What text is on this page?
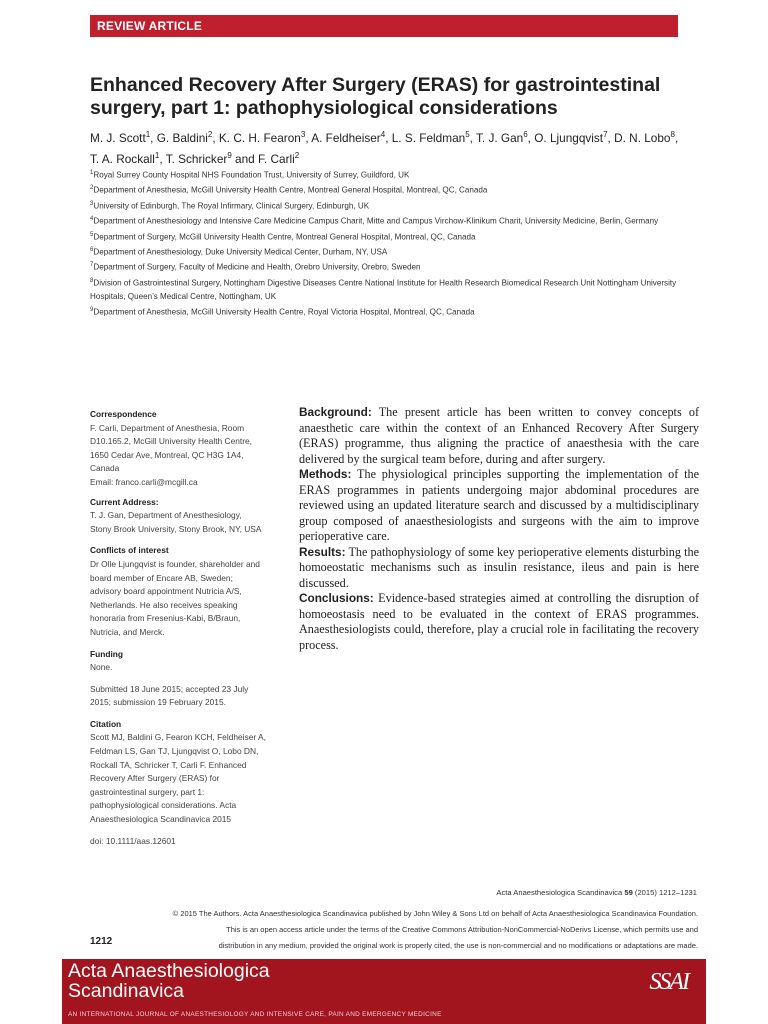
REVIEW ARTICLE
Enhanced Recovery After Surgery (ERAS) for gastrointestinal surgery, part 1: pathophysiological considerations
M. J. Scott$^1$, G. Baldini$^2$, K. C. H. Fearon$^3$, A. Feldheiser$^4$, L. S. Feldman$^5$, T. J. Gan$^6$, O. Ljungqvist$^7$, D. N. Lobo$^8$, T. A. Rockall$^1$, T. Schricker$^9$ and F. Carli$^2$
$^1$Royal Surrey County Hospital NHS Foundation Trust, University of Surrey, Guildford, UK
$^2$Department of Anesthesia, McGill University Health Centre, Montreal General Hospital, Montreal, QC, Canada
$^3$University of Edinburgh, The Royal Infirmary, Clinical Surgery, Edinburgh, UK
$^4$Department of Anesthesiology and Intensive Care Medicine Campus Charit, Mitte and Campus Virchow-Klinikum Charit, University Medicine, Berlin, Germany
$^5$Department of Surgery, McGill University Health Centre, Montreal General Hospital, Montreal, QC, Canada
$^6$Department of Anesthesiology, Duke University Medical Center, Durham, NY, USA
$^7$Department of Surgery, Faculty of Medicine and Health, Orebro University, Orebro, Sweden
$^8$Division of Gastrointestinal Surgery, Nottingham Digestive Diseases Centre National Institute for Health Research Biomedical Research Unit Nottingham University Hospitals, Queen’s Medical Centre, Nottingham, UK
$^9$Department of Anesthesia, McGill University Health Centre, Royal Victoria Hospital, Montreal, QC, Canada

Correspondence

F. Carli, Department of Anesthesia, Room
D10.165.2, McGill University Health Centre,
1650 Cedar Ave, Montreal, QC H3G 1A4,
Canada
Email: franco.carli@mcgill.ca

Current Address:

T. J. Gan, Department of Anesthesiology,
Stony Brook University, Stony Brook, NY, USA

Conflicts of interest

Dr Olle Ljungqvist is founder, shareholder and
board member of Encare AB, Sweden;
advisory board appointment Nutricia A/S,
Netherlands. He also receives speaking
honoraria from Fresenius-Kabi, B/Braun,
Nutricia, and Merck.

Funding

None.

Submitted 18 June 2015; accepted 23 July
2015; submission 19 February 2015.

Citation

Scott MJ, Baldini G, Fearon KCH, Feldheiser A,
Feldman LS, Gan TJ, Ljungqvist O, Lobo DN,
Rockall TA, Schricker T, Carli F. Enhanced
Recovery After Surgery (ERAS) for
gastrointestinal surgery, part 1:
pathophysiological considerations. Acta
Anaesthesiologica Scandinavica 2015

doi: 10.1111/aas.12601

Background: The present article has been written to convey concepts of anaesthetic care within the context of an Enhanced Recovery After Surgery (ERAS) programme, thus aligning the practice of anaesthesia with the care delivered by the surgical team before, during and after surgery.

Methods: The physiological principles supporting the implementation of the ERAS programmes in patients undergoing major abdominal procedures are reviewed using an updated literature search and discussed by a multidisciplinary group composed of anaesthesiologists and surgeons with the aim to improve perioperative care.

Results: The pathophysiology of some key perioperative elements disturbing the homoeostatic mechanisms such as insulin resistance, ileus and pain is here discussed.

Conclusions: Evidence-based strategies aimed at controlling the disruption of homoeostasis need to be evaluated in the context of ERAS programmes. Anaesthesiologists could, therefore, play a crucial role in facilitating the recovery process.

Acta Anaesthesiologica Scandinavica 59 (2015) 1212–1231
© 2015 The Authors. Acta Anaesthesiologica Scandinavica published by John Wiley & Sons Ltd on behalf of Acta Anaesthesiologica Scandinavica Foundation.
This is an open access article under the terms of the Creative Commons Attribution-NonCommercial-NoDerivs License, which permits use and
distribution in any medium, provided the original work is properly cited, the use is non-commercial and no modifications or adaptations are made.
1212

Acta Anaesthesiologica
Scandinavica

AN INTERNATIONAL JOURNAL OF ANAESTHESIOLOGY AND INTENSIVE CARE, PAIN AND EMERGENCY MEDICINE
SSAI
